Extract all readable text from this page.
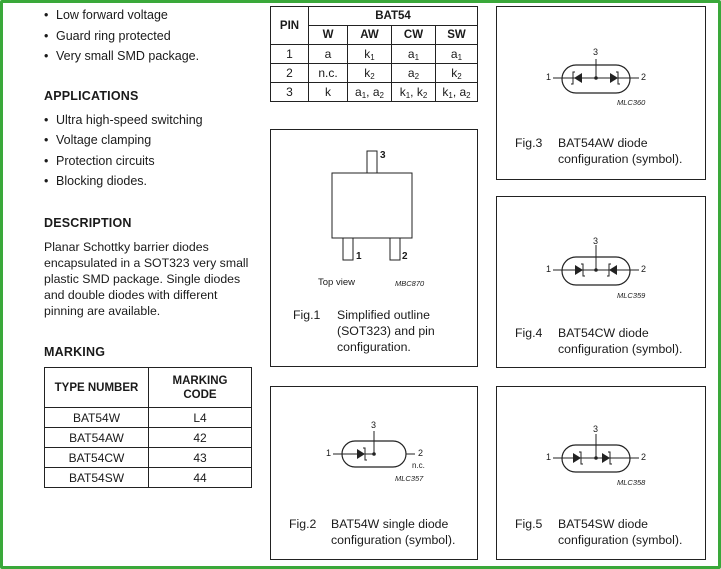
• Low forward voltage
• Guard ring protected
• Very small SMD package.
APPLICATIONS
• Ultra high-speed switching
• Voltage clamping
• Protection circuits
• Blocking diodes.
DESCRIPTION
Planar Schottky barrier diodes
encapsulated in a SOT323 very small
plastic SMD package. Single diodes
and double diodes with different
pinning are available.
MARKING
TYPE NUMBER	MARKING
CODE
BAT54W	L4
BAT54AW	42
BAT54CW	43
BAT54SW	44
PIN	BAT54			
	W	AW	CW	SW
1	a	$k_1$	$a_1$	$a_1$
2	n.c.	$k_2$	$a_2$	$k_2$
3	k	$a_1$, $a_2$	$k_1$, $k_2$	$k_1$, $a_2$
3
1	2
Top view	MBC870
Fig.1 Simplified outline
(SOT323) and pin
configuration.
3
1	2
n.c.
MLC357
Fig.2 BAT54W single diode
configuration (symbol).
3
1	2
MLC360
Fig.3 BAT54AW diode
configuration (symbol).
3
1	2
MLC359
Fig.4 BAT54CW diode
configuration (symbol).
3
1	2
MLC358
Fig.5 BAT54SW diode
configuration (symbol).
